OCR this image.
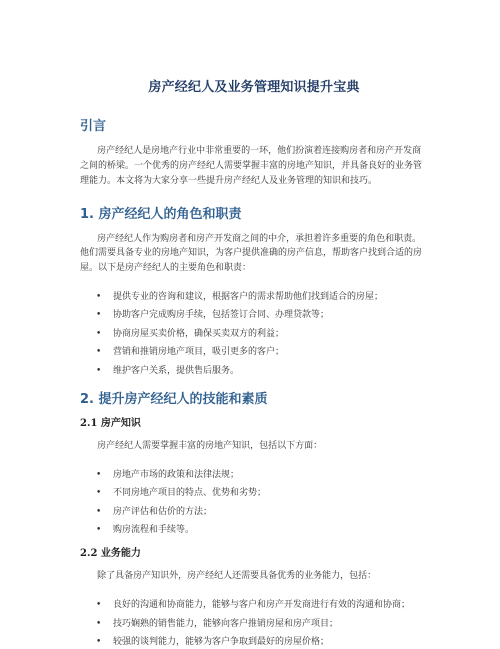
房产经纪人及业务管理知识提升宝典
引言

房产经纪人是房地产行业中非常重要的一环，他们扮演着连接购房者和房产开发商之间的桥梁。一个优秀的房产经纪人需要掌握丰富的房地产知识，并具备良好的业务管理能力。本文将为大家分享一些提升房产经纪人及业务管理的知识和技巧。

1. 房产经纪人的角色和职责

房产经纪人作为购房者和房产开发商之间的中介，承担着许多重要的角色和职责。他们需要具备专业的房地产知识，为客户提供准确的房产信息，帮助客户找到合适的房屋。以下是房产经纪人的主要角色和职责：

• 提供专业的咨询和建议，根据客户的需求帮助他们找到适合的房屋；
• 协助客户完成购房手续，包括签订合同、办理贷款等；
• 协商房屋买卖价格，确保买卖双方的利益；
• 营销和推销房地产项目，吸引更多的客户；
• 维护客户关系，提供售后服务。
2. 提升房产经纪人的技能和素质
2.1 房产知识

房产经纪人需要掌握丰富的房地产知识，包括以下方面：

• 房地产市场的政策和法律法规；
• 不同房地产项目的特点、优势和劣势；
• 房产评估和估价的方法；
• 购房流程和手续等。
2.2 业务能力

除了具备房产知识外，房产经纪人还需要具备优秀的业务能力，包括：

• 良好的沟通和协商能力，能够与客户和房产开发商进行有效的沟通和协商；
• 技巧娴熟的销售能力，能够向客户推销房屋和房产项目；
• 较强的谈判能力，能够为客户争取到最好的房屋价格；
